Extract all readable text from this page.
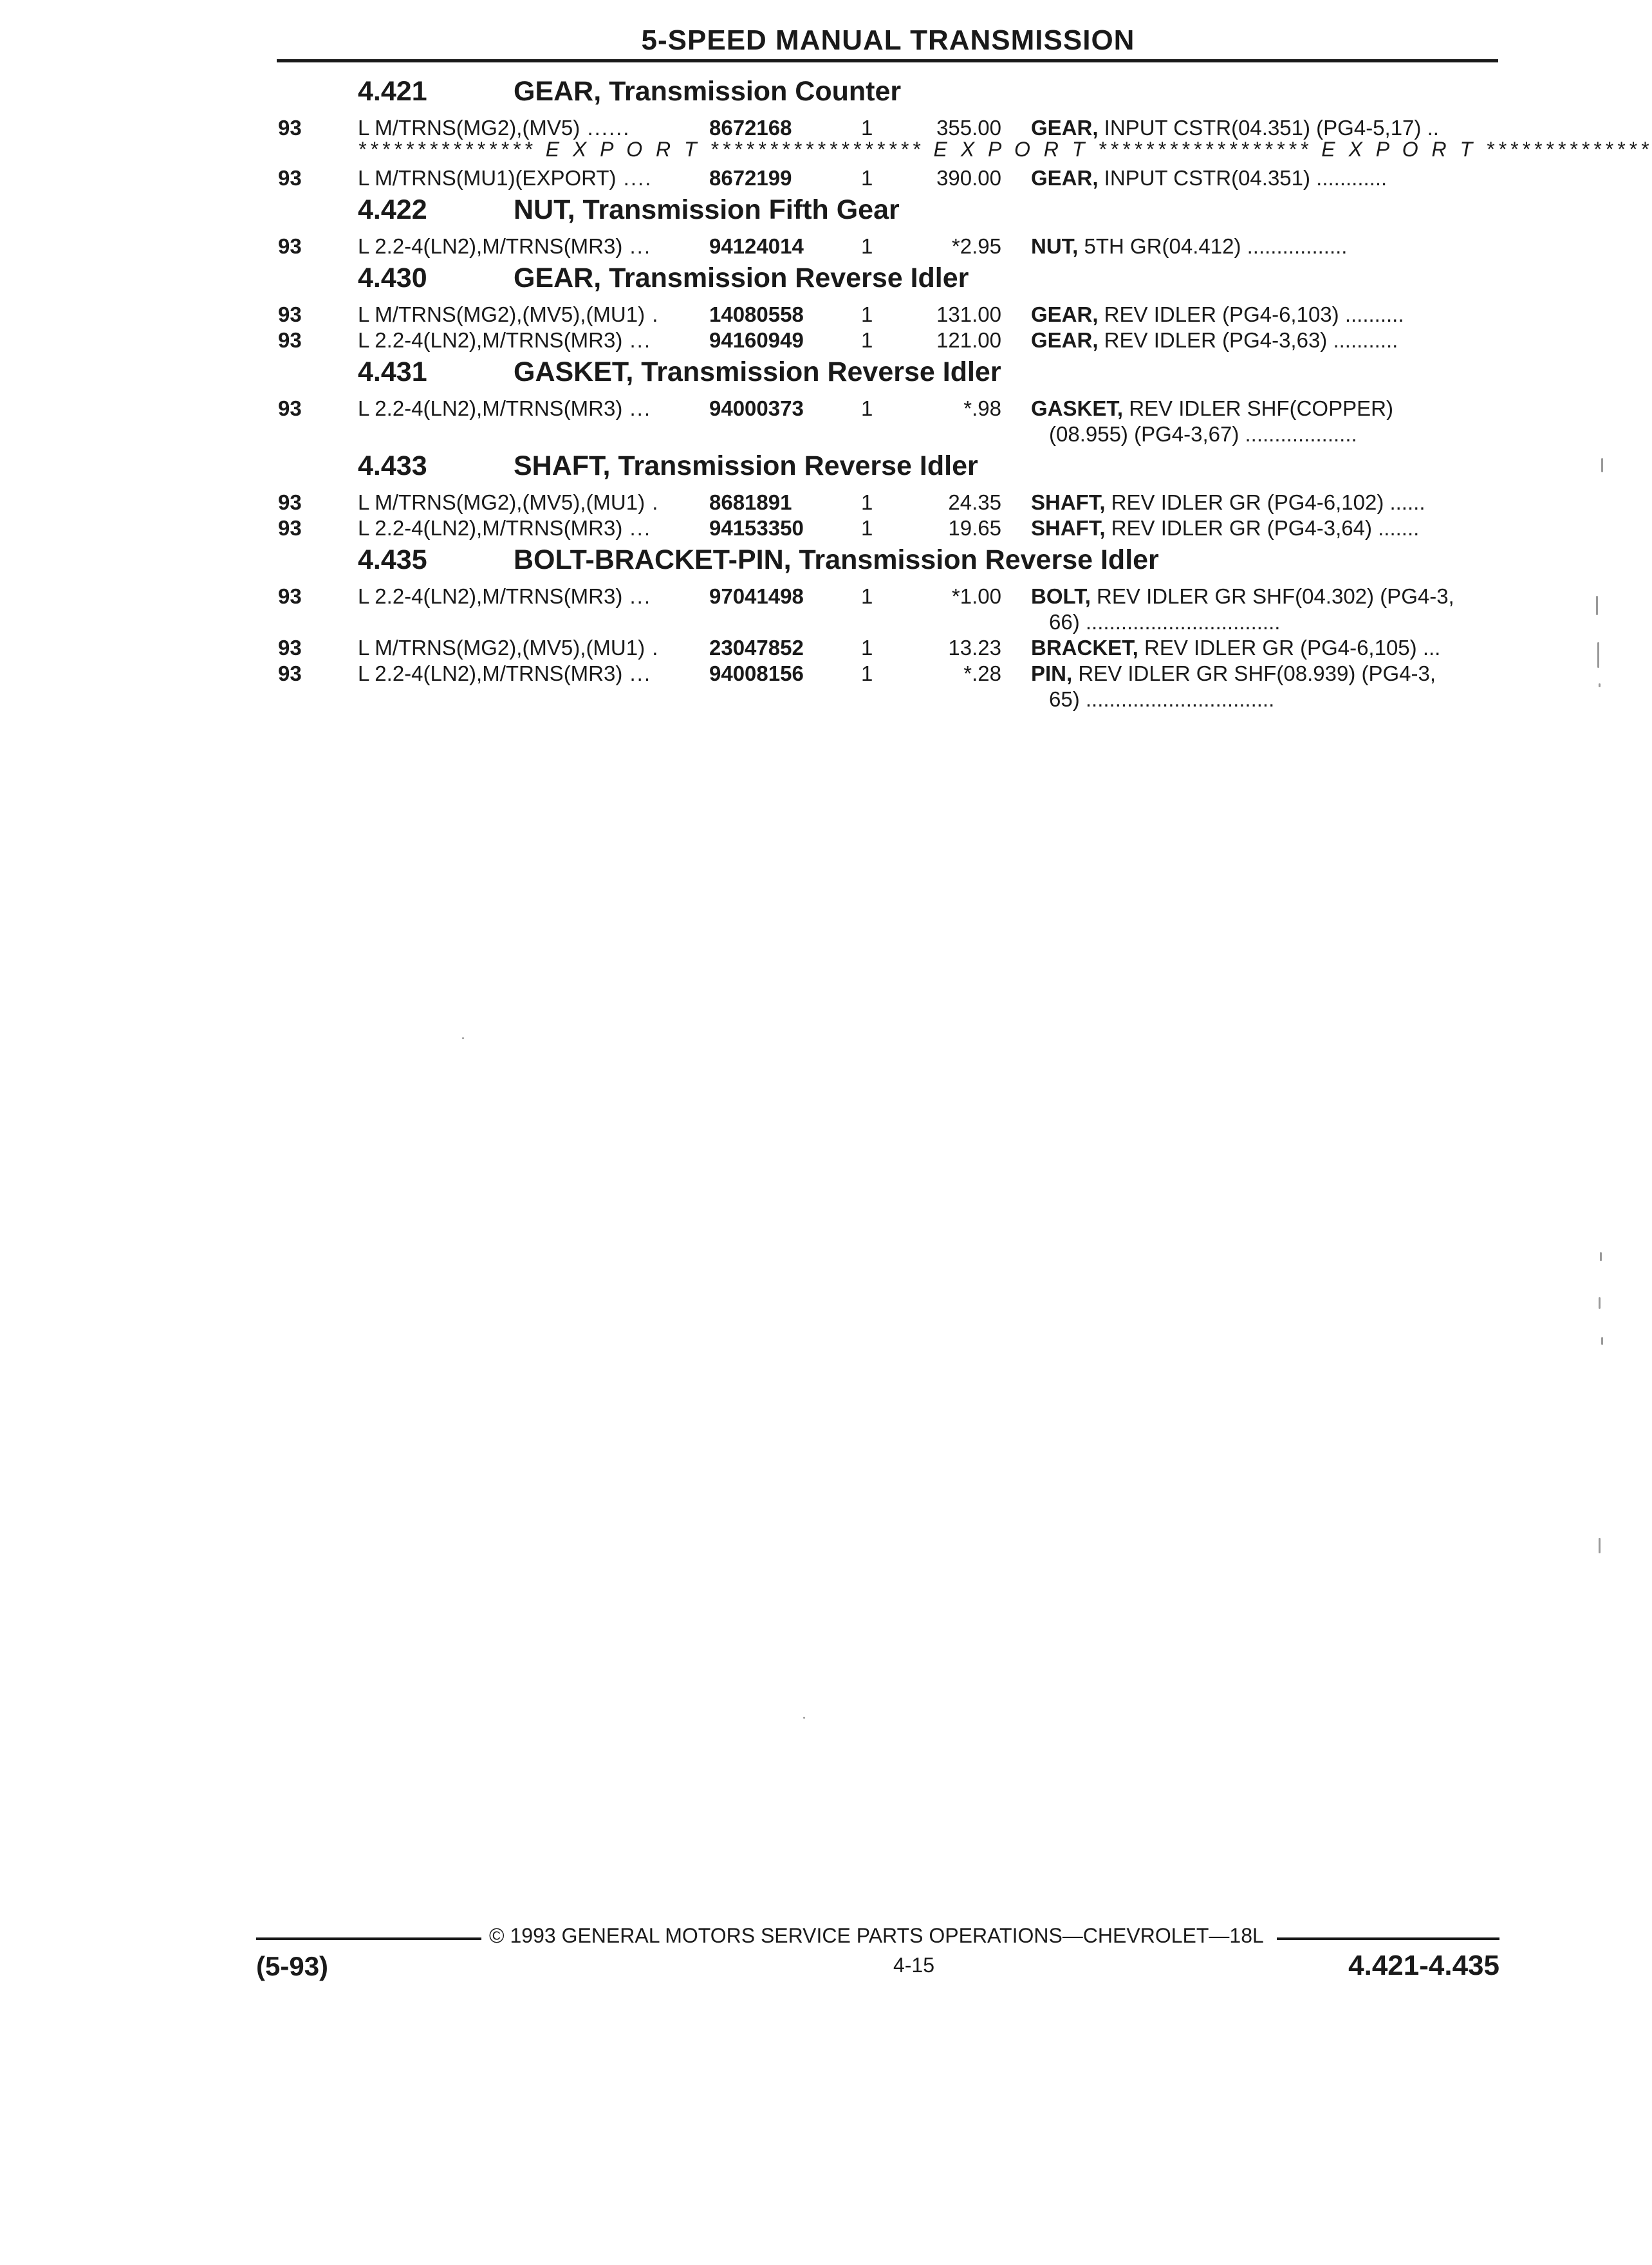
5-SPEED MANUAL TRANSMISSION
4.421	GEAR, Transmission Counter
93	L M/TRNS(MG2),(MV5) ......	8672168	1	355.00 GEAR, INPUT CSTR(04.351) (PG4-5,17) ..
*************** E X P O R T ****************** E X P O R T ****************** E X P O R T **************
93	L M/TRNS(MU1)(EXPORT) ....	8672199	1	390.00 GEAR, INPUT CSTR(04.351) ............
4.422	NUT, Transmission Fifth Gear
93	L 2.2-4(LN2),M/TRNS(MR3) ...	94124014	1	*2.95 NUT, 5TH GR(04.412) .................
4.430	GEAR, Transmission Reverse Idler
93	L M/TRNS(MG2),(MV5),(MU1) .	14080558	1	131.00 GEAR, REV IDLER (PG4-6,103) ..........
93	L 2.2-4(LN2),M/TRNS(MR3) ...	94160949	1	121.00 GEAR, REV IDLER (PG4-3,63) ...........
4.431	GASKET, Transmission Reverse Idler
93	L 2.2-4(LN2),M/TRNS(MR3) ...	94000373	1	*.98 GASKET, REV IDLER SHF(COPPER)
(08.955) (PG4-3,67) ...................
4.433	SHAFT, Transmission Reverse Idler
93	L M/TRNS(MG2),(MV5),(MU1) .	8681891	1	24.35 SHAFT, REV IDLER GR (PG4-6,102) ......
93	L 2.2-4(LN2),M/TRNS(MR3) ...	94153350	1	19.65 SHAFT, REV IDLER GR (PG4-3,64) .......
4.435	BOLT-BRACKET-PIN, Transmission Reverse Idler
93	L 2.2-4(LN2),M/TRNS(MR3) ...	97041498	1	*1.00 BOLT, REV IDLER GR SHF(04.302) (PG4-3,
66) .................................
93	L M/TRNS(MG2),(MV5),(MU1) .	23047852	1	13.23 BRACKET, REV IDLER GR (PG4-6,105) ...
93	L 2.2-4(LN2),M/TRNS(MR3) ...	94008156	1	*.28 PIN, REV IDLER GR SHF(08.939) (PG4-3,
65) ................................
© 1993 GENERAL MOTORS SERVICE PARTS OPERATIONS—CHEVROLET—18L
(5-93)	4-15	4.421-4.435
